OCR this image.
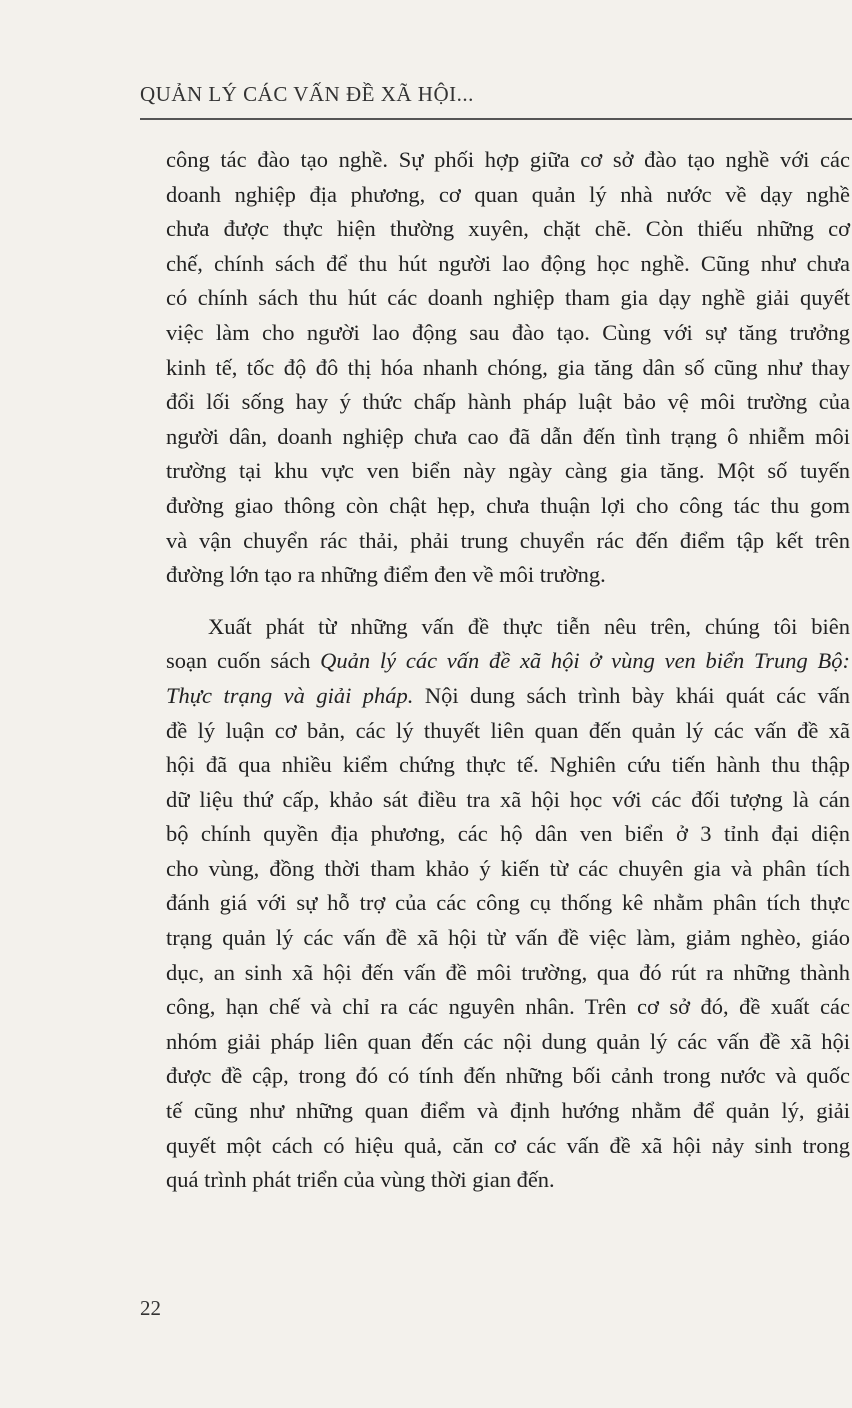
QUẢN LÝ CÁC VẤN ĐỀ XÃ HỘI...
công tác đào tạo nghề. Sự phối hợp giữa cơ sở đào tạo nghề với các
doanh nghiệp địa phương, cơ quan quản lý nhà nước về dạy nghề
chưa được thực hiện thường xuyên, chặt chẽ. Còn thiếu những cơ
chế, chính sách để thu hút người lao động học nghề. Cũng như chưa
có chính sách thu hút các doanh nghiệp tham gia dạy nghề giải quyết
việc làm cho người lao động sau đào tạo. Cùng với sự tăng trưởng
kinh tế, tốc độ đô thị hóa nhanh chóng, gia tăng dân số cũng như thay
đổi lối sống hay ý thức chấp hành pháp luật bảo vệ môi trường của
người dân, doanh nghiệp chưa cao đã dẫn đến tình trạng ô nhiễm môi
trường tại khu vực ven biển này ngày càng gia tăng. Một số tuyến
đường giao thông còn chật hẹp, chưa thuận lợi cho công tác thu gom
và vận chuyển rác thải, phải trung chuyển rác đến điểm tập kết trên
đường lớn tạo ra những điểm đen về môi trường.
Xuất phát từ những vấn đề thực tiễn nêu trên, chúng tôi biên
soạn cuốn sách Quản lý các vấn đề xã hội ở vùng ven biển Trung Bộ:
Thực trạng và giải pháp. Nội dung sách trình bày khái quát các vấn
đề lý luận cơ bản, các lý thuyết liên quan đến quản lý các vấn đề xã
hội đã qua nhiều kiểm chứng thực tế. Nghiên cứu tiến hành thu thập
dữ liệu thứ cấp, khảo sát điều tra xã hội học với các đối tượng là cán
bộ chính quyền địa phương, các hộ dân ven biển ở 3 tỉnh đại diện
cho vùng, đồng thời tham khảo ý kiến từ các chuyên gia và phân tích
đánh giá với sự hỗ trợ của các công cụ thống kê nhằm phân tích thực
trạng quản lý các vấn đề xã hội từ vấn đề việc làm, giảm nghèo, giáo
dục, an sinh xã hội đến vấn đề môi trường, qua đó rút ra những thành
công, hạn chế và chỉ ra các nguyên nhân. Trên cơ sở đó, đề xuất các
nhóm giải pháp liên quan đến các nội dung quản lý các vấn đề xã hội
được đề cập, trong đó có tính đến những bối cảnh trong nước và quốc
tế cũng như những quan điểm và định hướng nhằm để quản lý, giải
quyết một cách có hiệu quả, căn cơ các vấn đề xã hội nảy sinh trong
quá trình phát triển của vùng thời gian đến.
22
